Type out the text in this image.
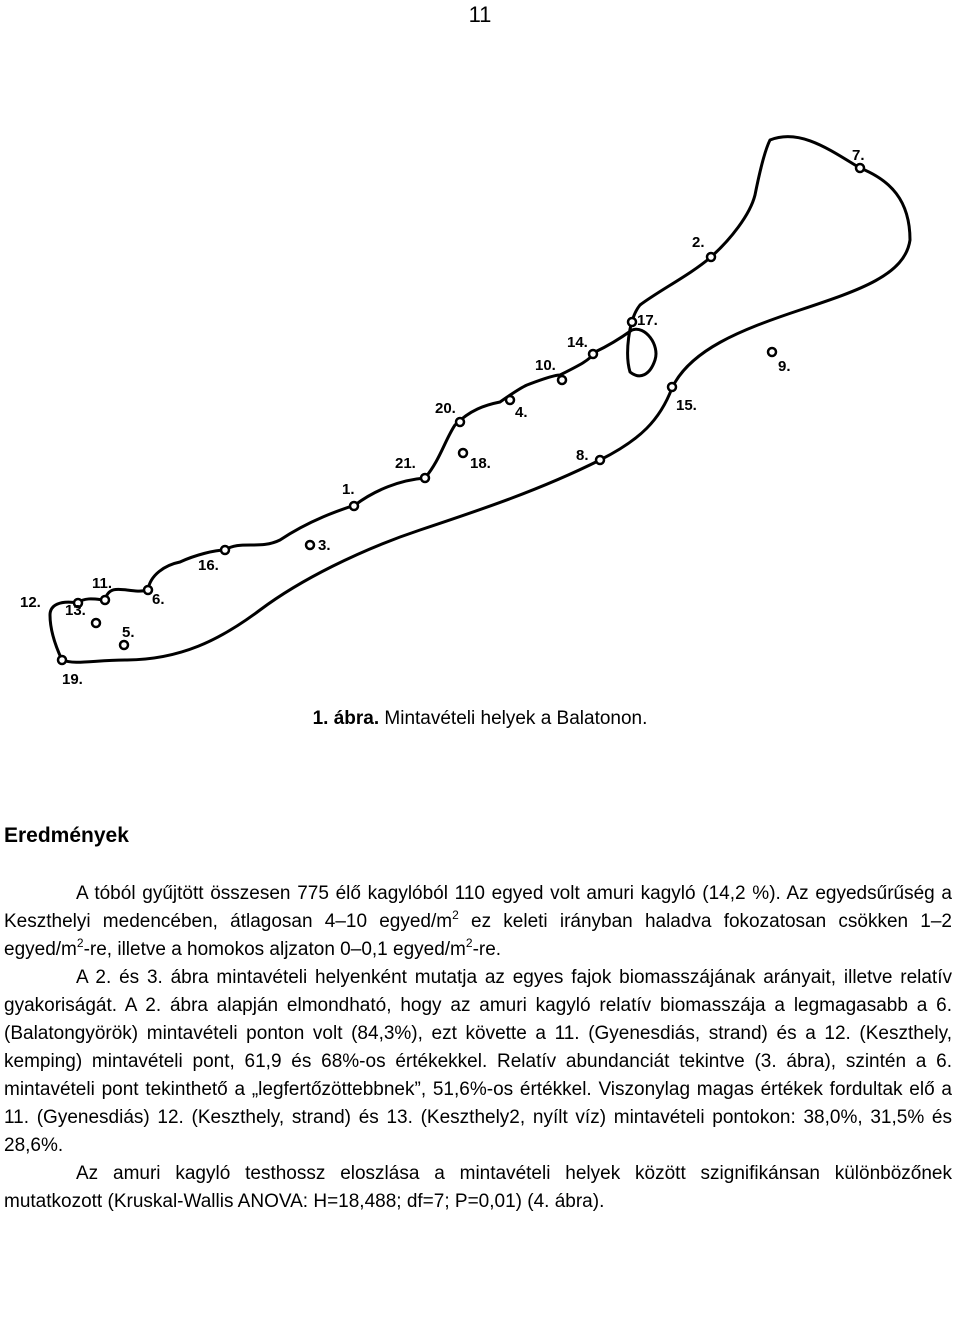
11
7.
2.
17.
14.
10.	9.
15.
20.	4.
21.	18.	8.
1.
3.
16.
11.
12. 13.
6.
5.
19.
1. ábra. Mintavételi helyek a Balatonon.
Eredmények

A tóból gyűjtött összesen 775 élő kagylóból 110 egyed volt amuri kagyló (14,2 %). Az egyedsűrűség a Keszthelyi medencében, átlagosan 4–10 egyed/$m^2$ ez keleti irányban haladva fokozatosan csökken 1–2 egyed/$m^2-re$, illetve a homokos aljzaton 0–0,1 egyed/$m^2-re$.

A 2. és 3. ábra mintavételi helyenként mutatja az egyes fajok biomasszájának arányait, illetve relatív gyakoriságát. A 2. ábra alapján elmondható, hogy az amuri kagyló relatív biomasszája a legmagasabb a 6. (Balatongyörök) mintavételi ponton volt (84,3%), ezt követte a 11. (Gyenesdiás, strand) és a 12. (Keszthely, kemping) mintavételi pont, 61,9 és 68%-os értékekkel. Relatív abundanciát tekintve (3. ábra), szintén a 6. mintavételi pont tekinthető a „legfertőzöttebbnek”, 51,6%-os értékkel. Viszonylag magas értékek fordultak elő a 11. (Gyenesdiás) 12. (Keszthely, strand) és 13. (Keszthely2, nyílt víz) mintavételi pontokon: 38,0%, 31,5% és 28,6%.

Az amuri kagyló testhossz eloszlása a mintavételi helyek között szignifikánsan különbözőnek mutatkozott (Kruskal-Wallis ANOVA: H=18,488; df=7; P=0,01) (4. ábra).
